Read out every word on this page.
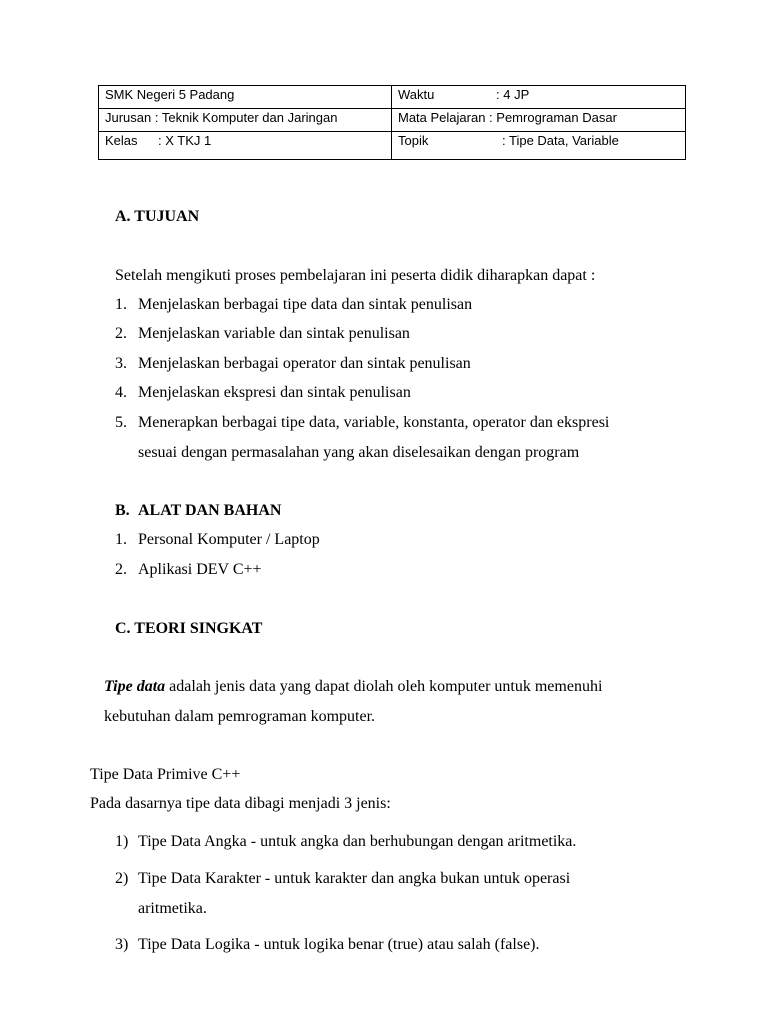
SMK Negeri 5 Padang	Waktu : 4 JP
Jurusan : Teknik Komputer dan Jaringan	Mata Pelajaran : Pemrograman Dasar
Kelas : X TKJ 1	Topik : Tipe Data, Variable
A. TUJUAN
Setelah mengikuti proses pembelajaran ini peserta didik diharapkan dapat :
1. Menjelaskan berbagai tipe data dan sintak penulisan
2. Menjelaskan variable dan sintak penulisan
3. Menjelaskan berbagai operator dan sintak penulisan
4. Menjelaskan ekspresi dan sintak penulisan
5. Menerapkan berbagai tipe data, variable, konstanta, operator dan ekspresi
sesuai dengan permasalahan yang akan diselesaikan dengan program
B. ALAT DAN BAHAN
1. Personal Komputer / Laptop
2. Aplikasi DEV C++
C. TEORI SINGKAT
Tipe data adalah jenis data yang dapat diolah oleh komputer untuk memenuhi
kebutuhan dalam pemrograman komputer.
Tipe Data Primive C++
Pada dasarnya tipe data dibagi menjadi 3 jenis:
1) Tipe Data Angka - untuk angka dan berhubungan dengan aritmetika.
2) Tipe Data Karakter - untuk karakter dan angka bukan untuk operasi
aritmetika.
3) Tipe Data Logika - untuk logika benar (true) atau salah (false).
